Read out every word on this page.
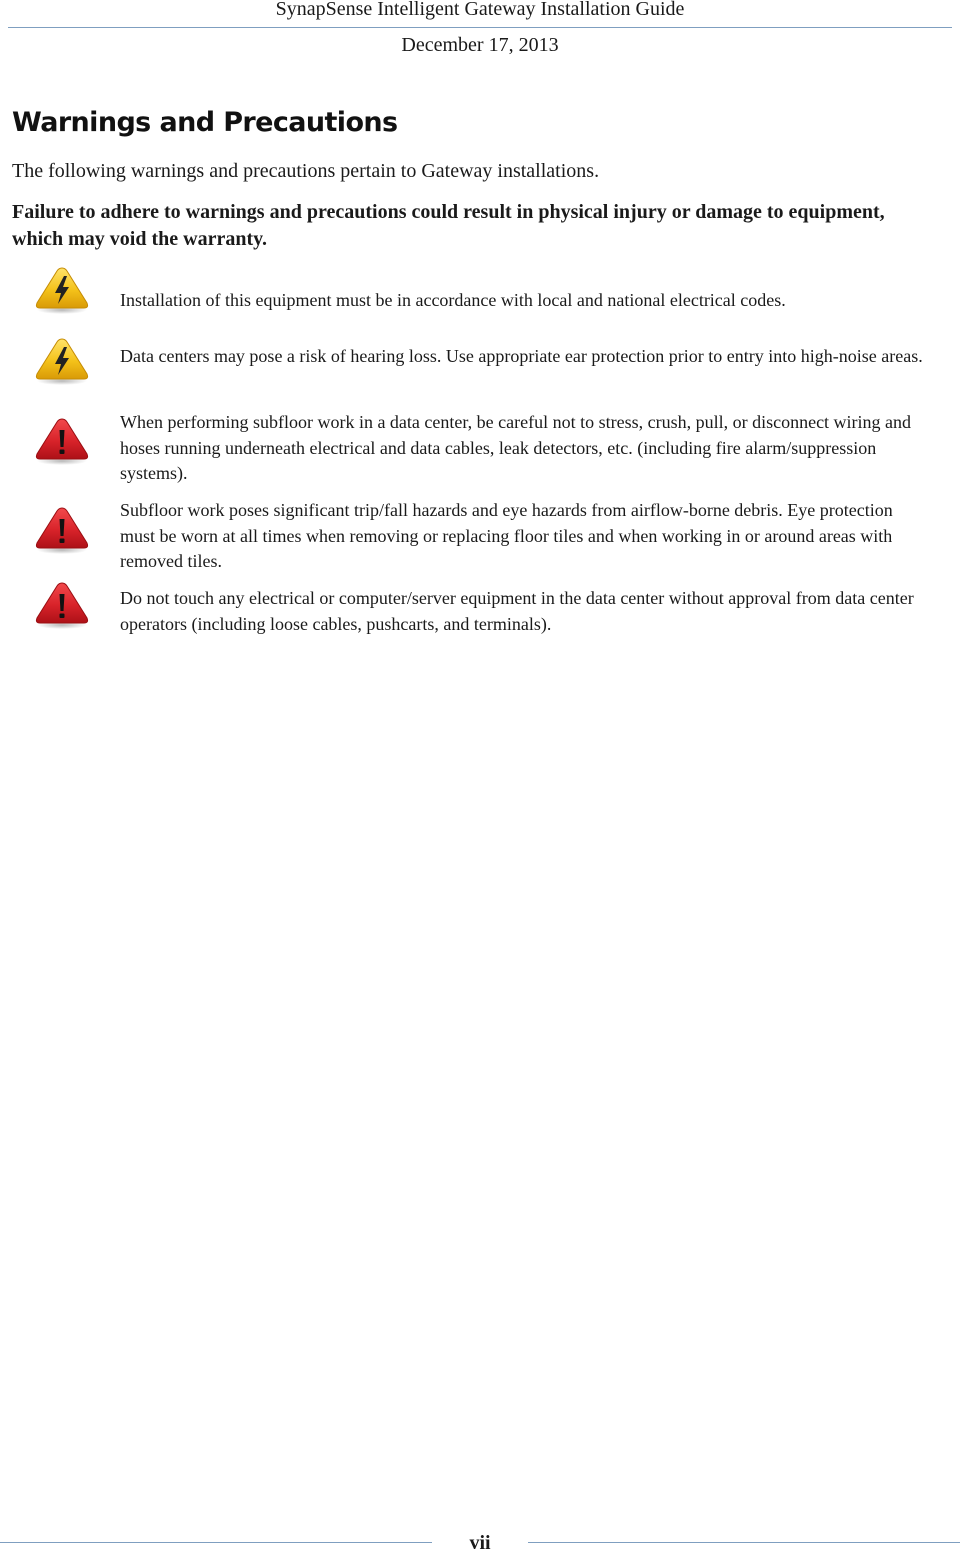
SynapSense Intelligent Gateway Installation Guide
December 17, 2013
Warnings and Precautions
The following warnings and precautions pertain to Gateway installations.
Failure to adhere to warnings and precautions could result in physical injury or damage to equipment, which may void the warranty.
Installation of this equipment must be in accordance with local and national electrical codes.
Data centers may pose a risk of hearing loss. Use appropriate ear protection prior to entry into high-noise areas.
When performing subfloor work in a data center, be careful not to stress, crush, pull, or disconnect wiring and hoses running underneath electrical and data cables, leak detectors, etc. (including fire alarm/suppression systems).
Subfloor work poses significant trip/fall hazards and eye hazards from airflow-borne debris. Eye protection must be worn at all times when removing or replacing floor tiles and when working in or around areas with removed tiles.
Do not touch any electrical or computer/server equipment in the data center without approval from data center operators (including loose cables, pushcarts, and terminals).
vii
